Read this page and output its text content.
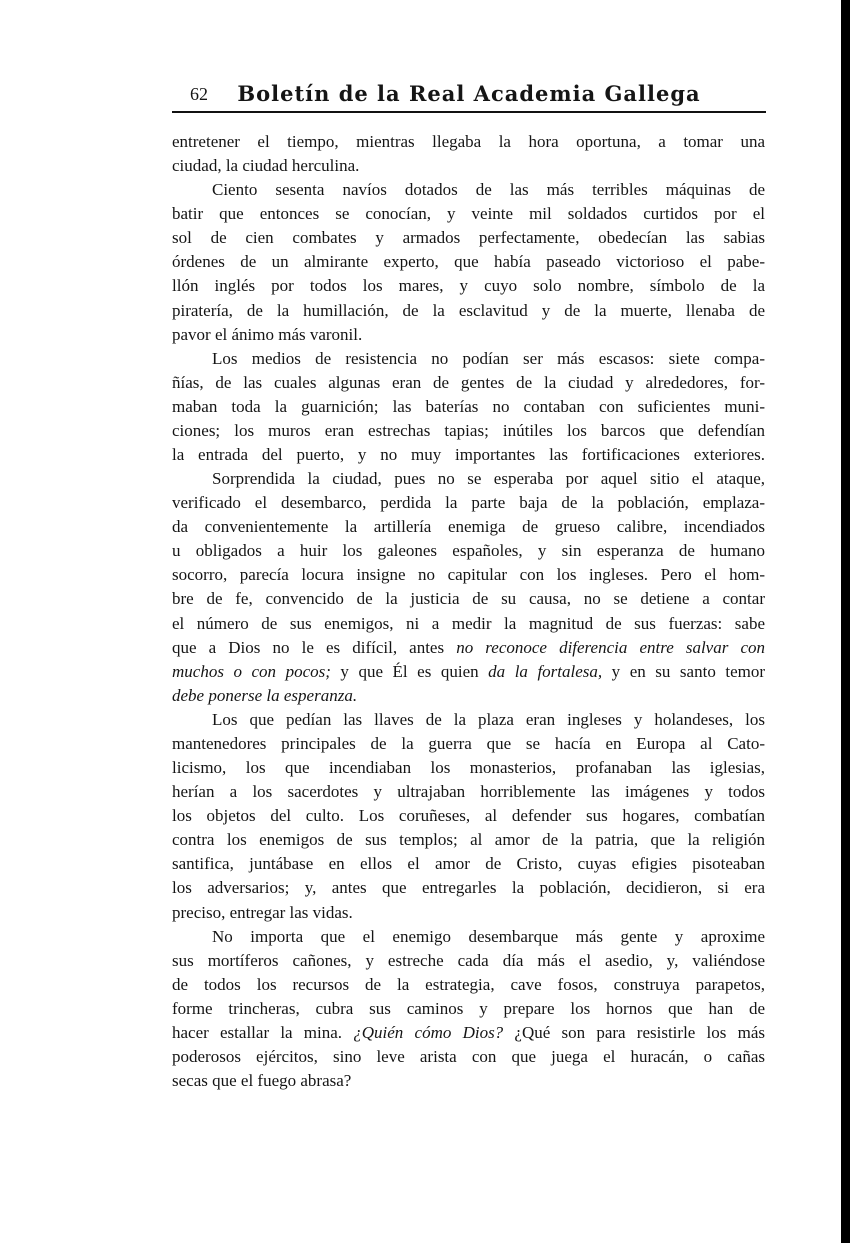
62	Boletín de la Real Academia Gallega
entretener el tiempo, mientras llegaba la hora oportuna, a tomar una
ciudad, la ciudad herculina.
Ciento sesenta navíos dotados de las más terribles máquinas de
batir que entonces se conocían, y veinte mil soldados curtidos por el
sol de cien combates y armados perfectamente, obedecían las sabias
órdenes de un almirante experto, que había paseado victorioso el pabe-
llón inglés por todos los mares, y cuyo solo nombre, símbolo de la
piratería, de la humillación, de la esclavitud y de la muerte, llenaba de
pavor el ánimo más varonil.
Los medios de resistencia no podían ser más escasos: siete compa-
ñías, de las cuales algunas eran de gentes de la ciudad y alrededores, for-
maban toda la guarnición; las baterías no contaban con suficientes muni-
ciones; los muros eran estrechas tapias; inútiles los barcos que defendían
la entrada del puerto, y no muy importantes las fortificaciones exteriores.
Sorprendida la ciudad, pues no se esperaba por aquel sitio el ataque,
verificado el desembarco, perdida la parte baja de la población, emplaza-
da convenientemente la artillería enemiga de grueso calibre, incendiados
u obligados a huir los galeones españoles, y sin esperanza de humano
socorro, parecía locura insigne no capitular con los ingleses. Pero el hom-
bre de fe, convencido de la justicia de su causa, no se detiene a contar
el número de sus enemigos, ni a medir la magnitud de sus fuerzas: sabe
que a Dios no le es difícil, antes no reconoce diferencia entre salvar con
muchos o con pocos; y que Él es quien da la fortalesa, y en su santo temor
debe ponerse la esperanza.
Los que pedían las llaves de la plaza eran ingleses y holandeses, los
mantenedores principales de la guerra que se hacía en Europa al Cato-
licismo, los que incendiaban los monasterios, profanaban las iglesias,
herían a los sacerdotes y ultrajaban horriblemente las imágenes y todos
los objetos del culto. Los coruñeses, al defender sus hogares, combatían
contra los enemigos de sus templos; al amor de la patria, que la religión
santifica, juntábase en ellos el amor de Cristo, cuyas efigies pisoteaban
los adversarios; y, antes que entregarles la población, decidieron, si era
preciso, entregar las vidas.
No importa que el enemigo desembarque más gente y aproxime
sus mortíferos cañones, y estreche cada día más el asedio, y, valiéndose
de todos los recursos de la estrategia, cave fosos, construya parapetos,
forme trincheras, cubra sus caminos y prepare los hornos que han de
hacer estallar la mina. ¿Quién cómo Dios? ¿Qué son para resistirle los más
poderosos ejércitos, sino leve arista con que juega el huracán, o cañas
secas que el fuego abrasa?
